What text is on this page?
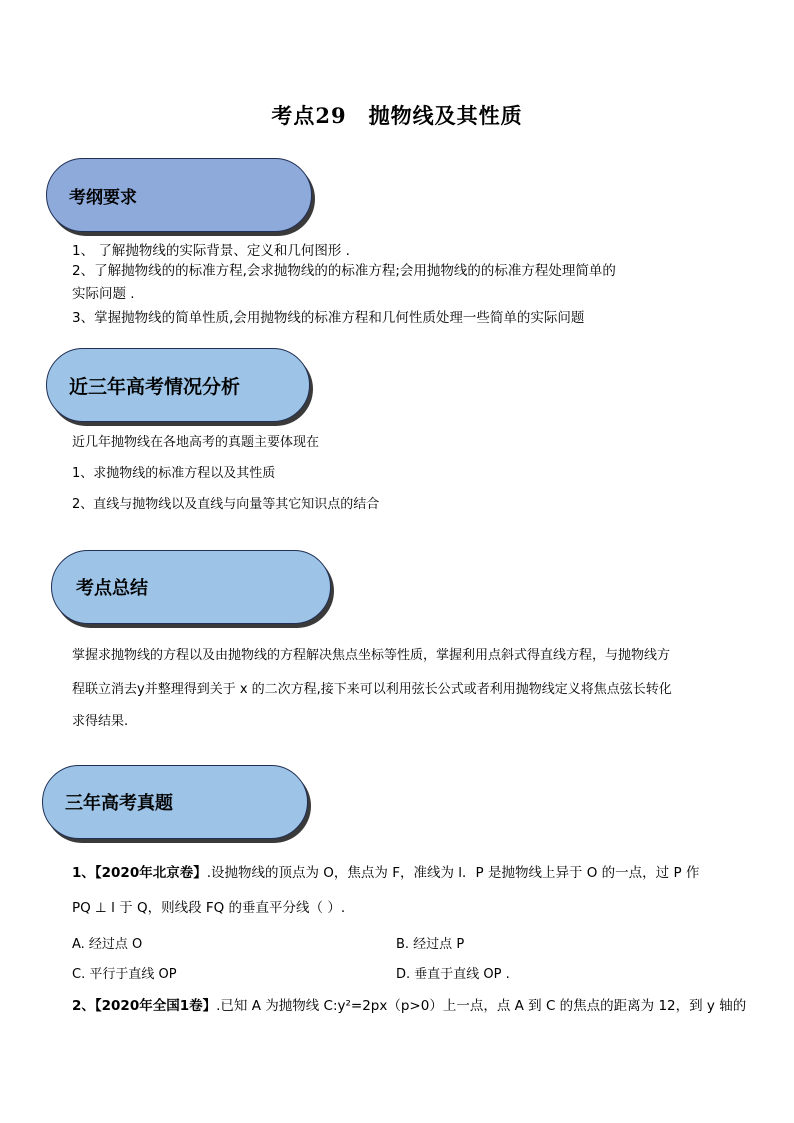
考点29 抛物线及其性质
考纲要求
1、 了解抛物线的实际背景、定义和几何图形 .
2、了解抛物线的的标准方程,会求抛物线的的标准方程;会用抛物线的的标准方程处理简单的
实际问题 .
3、掌握抛物线的简单性质,会用抛物线的标准方程和几何性质处理一些简单的实际问题
近三年高考情况分析
近几年抛物线在各地高考的真题主要体现在
1、求抛物线的标准方程以及其性质
2、直线与抛物线以及直线与向量等其它知识点的结合
考点总结
掌握求抛物线的方程以及由抛物线的方程解决焦点坐标等性质，掌握利用点斜式得直线方程，与抛物线方
程联立消去y并整理得到关于 x 的二次方程,接下来可以利用弦长公式或者利用抛物线定义将焦点弦长转化
求得结果.
三年高考真题
1、【2020年北京卷】.设抛物线的顶点为 O，焦点为 F，准线为 l．P 是抛物线上异于 O 的一点，过 P 作
PQ ⊥ l 于 Q，则线段 FQ 的垂直平分线（ ）.
A. 经过点 O	B. 经过点 P
C. 平行于直线 OP	D. 垂直于直线 OP .
2、【2020年全国1卷】.已知 A 为抛物线 C:y²=2px（p>0）上一点，点 A 到 C 的焦点的距离为 12，到 y 轴的
